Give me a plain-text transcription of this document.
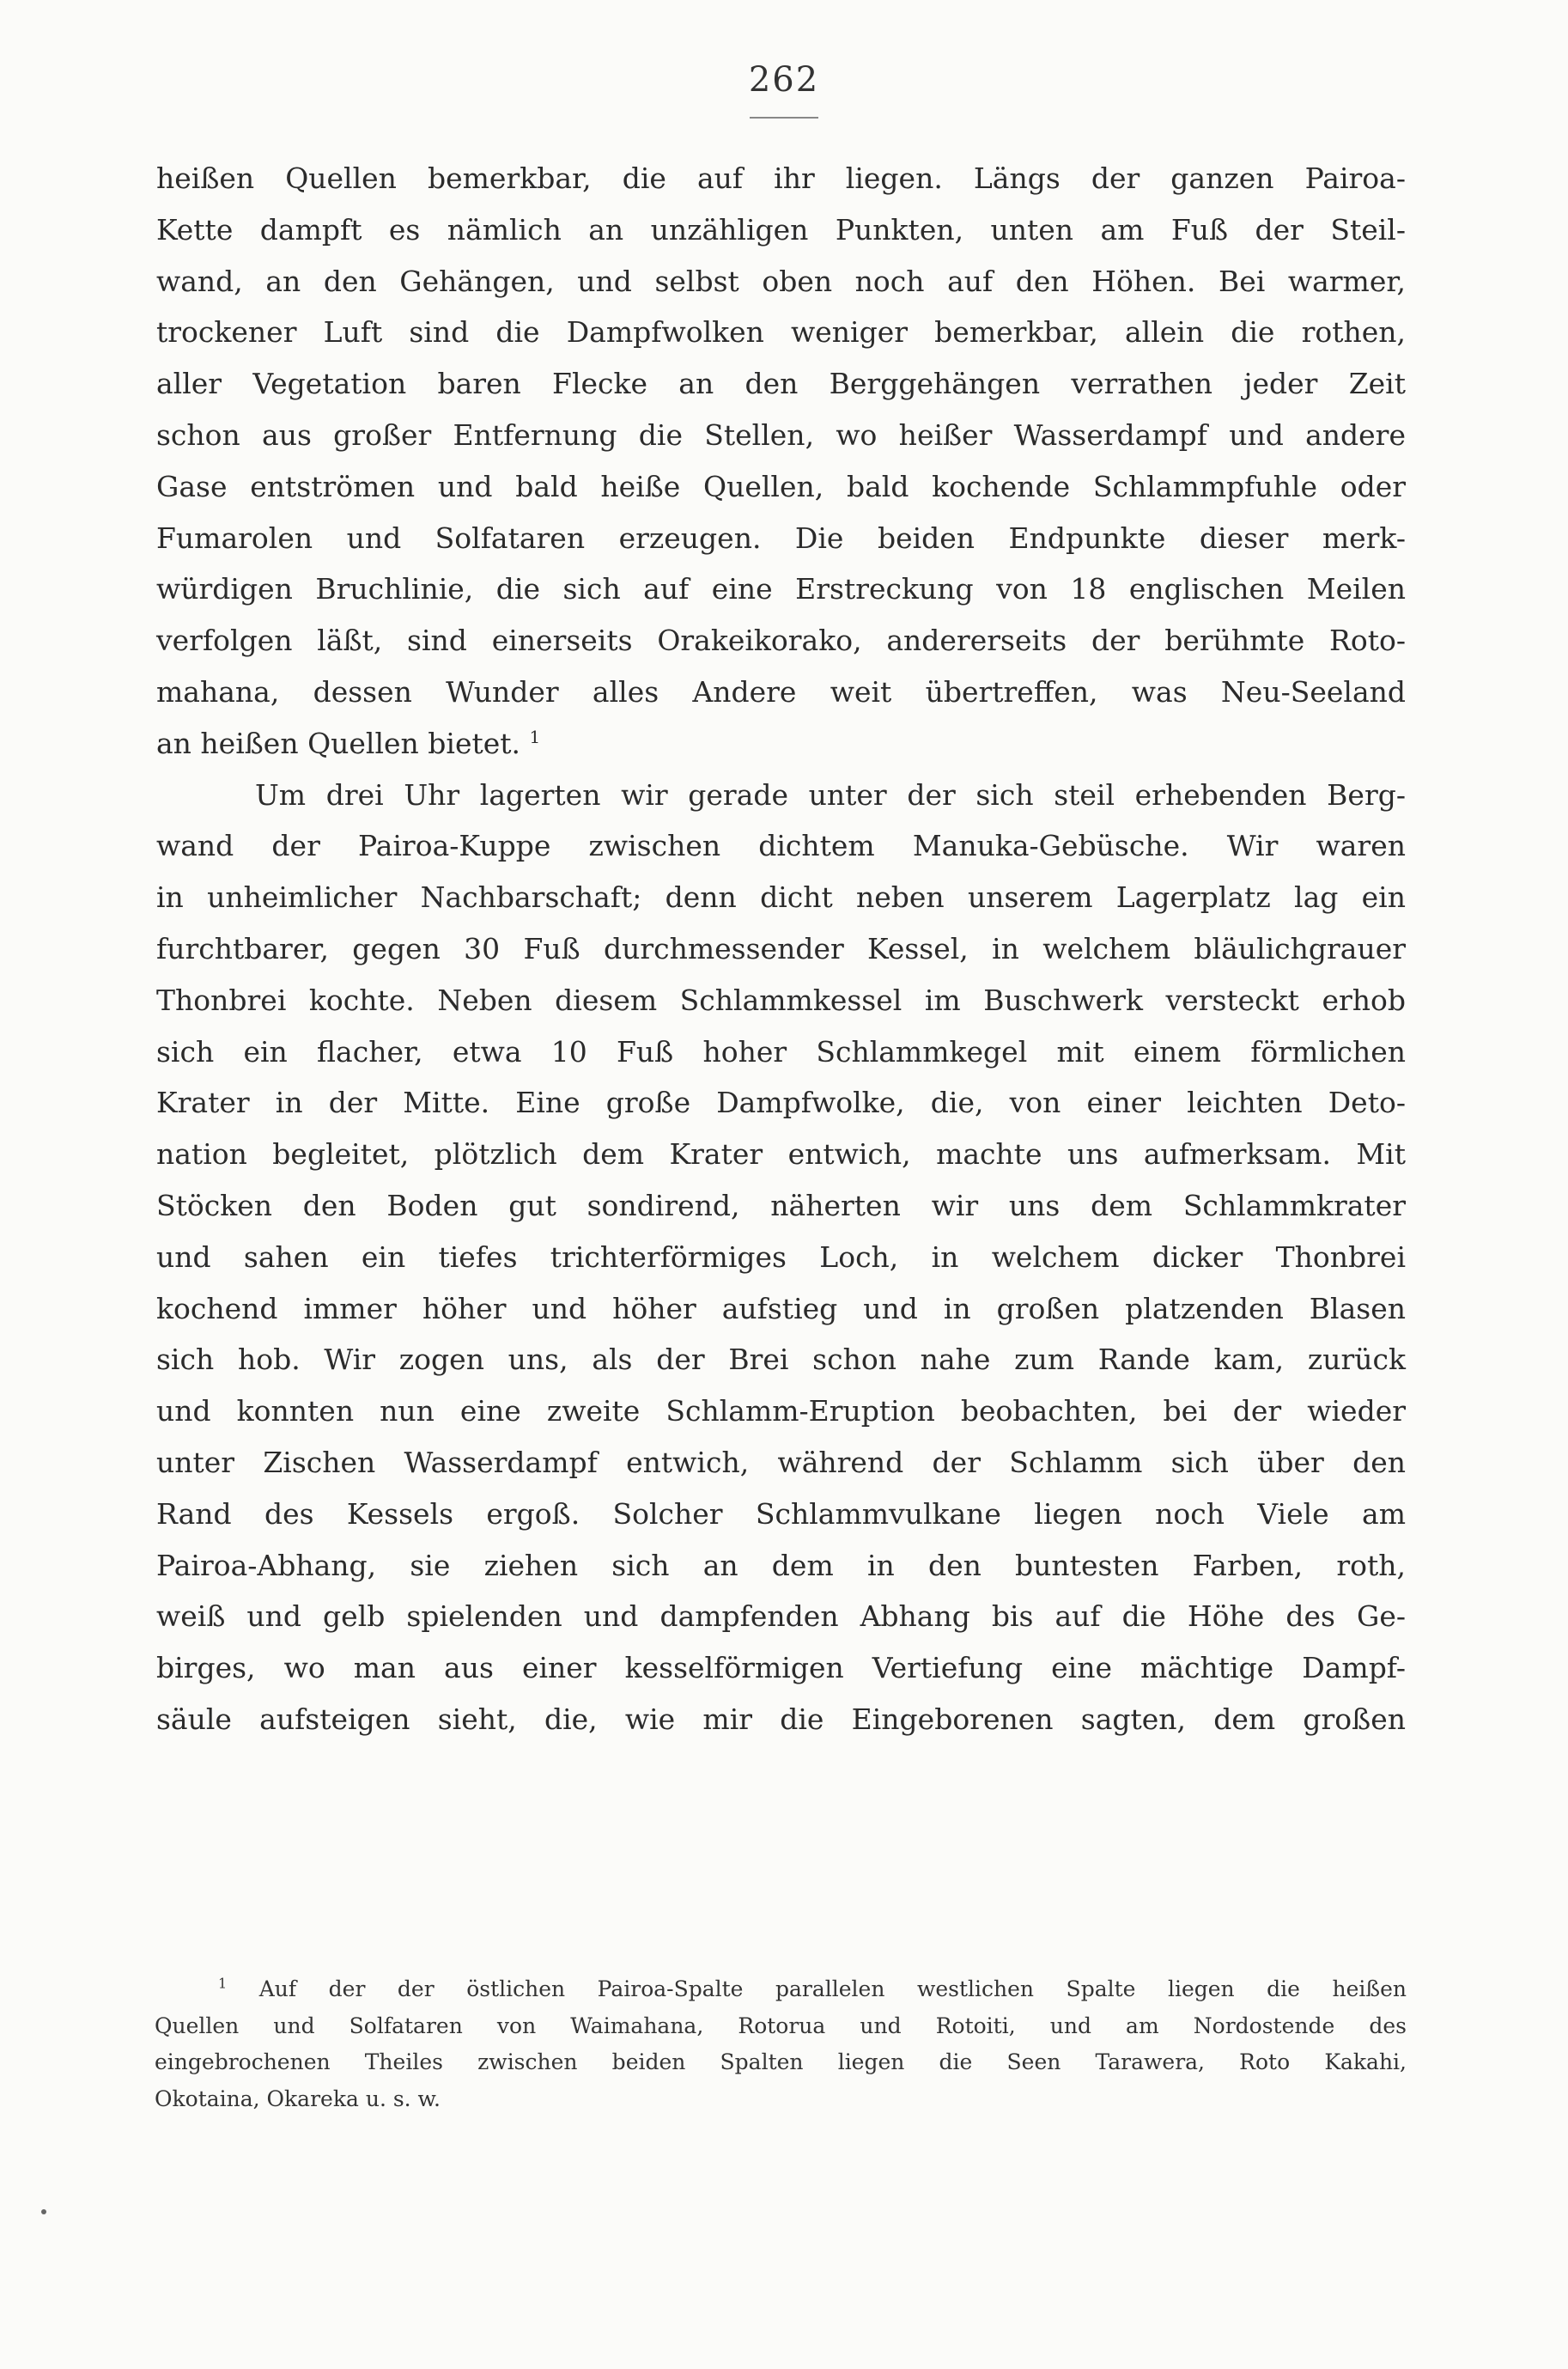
262
heißen Quellen bemerkbar, die auf ihr liegen. Längs der ganzen Pairoa-
Kette dampft es nämlich an unzähligen Punkten, unten am Fuß der Steil-
wand, an den Gehängen, und selbst oben noch auf den Höhen. Bei warmer,
trockener Luft sind die Dampfwolken weniger bemerkbar, allein die rothen,
aller Vegetation baren Flecke an den Berggehängen verrathen jeder Zeit
schon aus großer Entfernung die Stellen, wo heißer Wasserdampf und andere
Gase entströmen und bald heiße Quellen, bald kochende Schlammpfuhle oder
Fumarolen und Solfataren erzeugen. Die beiden Endpunkte dieser merk-
würdigen Bruchlinie, die sich auf eine Erstreckung von 18 englischen Meilen
verfolgen läßt, sind einerseits Orakeikorako, andererseits der berühmte Roto-
mahana, dessen Wunder alles Andere weit übertreffen, was Neu-Seeland
an heißen Quellen bietet. $^1$
Um drei Uhr lagerten wir gerade unter der sich steil erhebenden Berg-
wand der Pairoa-Kuppe zwischen dichtem Manuka-Gebüsche. Wir waren
in unheimlicher Nachbarschaft; denn dicht neben unserem Lagerplatz lag ein
furchtbarer, gegen 30 Fuß durchmessender Kessel, in welchem bläulichgrauer
Thonbrei kochte. Neben diesem Schlammkessel im Buschwerk versteckt erhob
sich ein flacher, etwa 10 Fuß hoher Schlammkegel mit einem förmlichen
Krater in der Mitte. Eine große Dampfwolke, die, von einer leichten Deto-
nation begleitet, plötzlich dem Krater entwich, machte uns aufmerksam. Mit
Stöcken den Boden gut sondirend, näherten wir uns dem Schlammkrater
und sahen ein tiefes trichterförmiges Loch, in welchem dicker Thonbrei
kochend immer höher und höher aufstieg und in großen platzenden Blasen
sich hob. Wir zogen uns, als der Brei schon nahe zum Rande kam, zurück
und konnten nun eine zweite Schlamm-Eruption beobachten, bei der wieder
unter Zischen Wasserdampf entwich, während der Schlamm sich über den
Rand des Kessels ergoß. Solcher Schlammvulkane liegen noch Viele am
Pairoa-Abhang, sie ziehen sich an dem in den buntesten Farben, roth,
weiß und gelb spielenden und dampfenden Abhang bis auf die Höhe des Ge-
birges, wo man aus einer kesselförmigen Vertiefung eine mächtige Dampf-
säule aufsteigen sieht, die, wie mir die Eingeborenen sagten, dem großen
$^1$ Auf der der östlichen Pairoa-Spalte parallelen westlichen Spalte liegen die heißen
Quellen und Solfataren von Waimahana, Rotorua und Rotoiti, und am Nordostende des
eingebrochenen Theiles zwischen beiden Spalten liegen die Seen Tarawera, Roto Kakahi,
Okotaina, Okareka u. s. w.
